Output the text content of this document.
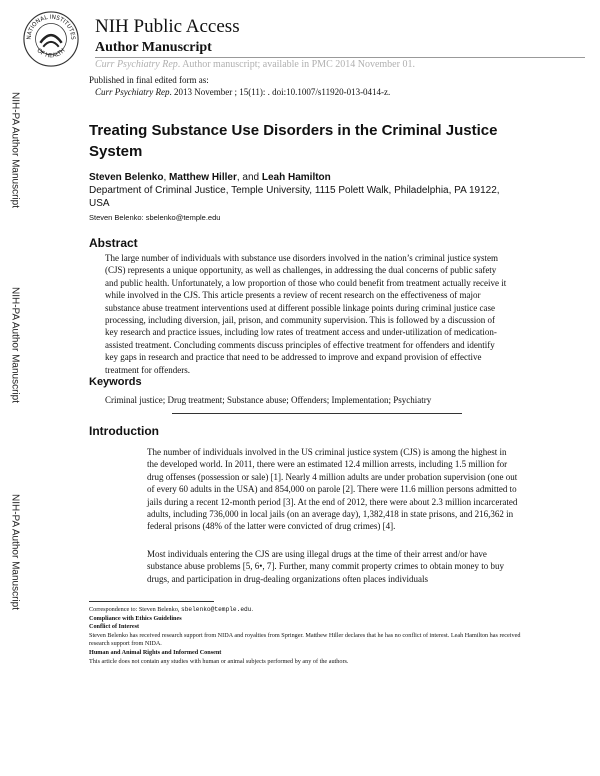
NATIONAL INSTITUTES
OF HEALTH
NIH Public Access
Author Manuscript
Curr Psychiatry Rep. Author manuscript; available in PMC 2014 November 01.
NIH-PA Author Manuscript
NIH-PA Author Manuscript
NIH-PA Author Manuscript
Published in final edited form as:
Curr Psychiatry Rep. 2013 November ; 15(11): . doi:10.1007/s11920-013-0414-z.
Treating Substance Use Disorders in the Criminal Justice System
Steven Belenko, Matthew Hiller, and Leah Hamilton
Department of Criminal Justice, Temple University, 1115 Polett Walk, Philadelphia, PA 19122, USA
Steven Belenko: sbelenko@temple.edu
Abstract
The large number of individuals with substance use disorders involved in the nation’s criminal justice system (CJS) represents a unique opportunity, as well as challenges, in addressing the dual concerns of public safety and public health. Unfortunately, a low proportion of those who could benefit from treatment actually receive it while involved in the CJS. This article presents a review of recent research on the effectiveness of major substance abuse treatment interventions used at different possible linkage points during criminal justice case processing, including diversion, jail, prison, and community supervision. This is followed by a discussion of key research and practice issues, including low rates of treatment access and under-utilization of medication-assisted treatment. Concluding comments discuss principles of effective treatment for offenders and identify key gaps in research and practice that need to be addressed to improve and expand provision of effective treatment for offenders.
Keywords
Criminal justice; Drug treatment; Substance abuse; Offenders; Implementation; Psychiatry
Introduction
The number of individuals involved in the US criminal justice system (CJS) is among the highest in the developed world. In 2011, there were an estimated 12.4 million arrests, including 1.5 million for drug offenses (possession or sale) [1]. Nearly 4 million adults are under probation supervision (one out of every 60 adults in the USA) and 854,000 on parole [2]. There were 11.6 million persons admitted to jails during a recent 12-month period [3]. At the end of 2012, there were about 2.3 million incarcerated adults, including 736,000 in local jails (on an average day), 1,382,418 in state prisons, and 216,362 in federal prisons (48% of the latter were convicted of drug crimes) [4].
Most individuals entering the CJS are using illegal drugs at the time of their arrest and/or have substance abuse problems [5, 6•, 7]. Further, many commit property crimes to obtain money to buy drugs, and participation in drug-dealing organizations often places individuals
Correspondence to: Steven Belenko, sbelenko@temple.edu.
Compliance with Ethics Guidelines
Conflict of Interest
Steven Belenko has received research support from NIDA and royalties from Springer. Matthew Hiller declares that he has no conflict of interest. Leah Hamilton has received research support from NIDA.
Human and Animal Rights and Informed Consent
This article does not contain any studies with human or animal subjects performed by any of the authors.
